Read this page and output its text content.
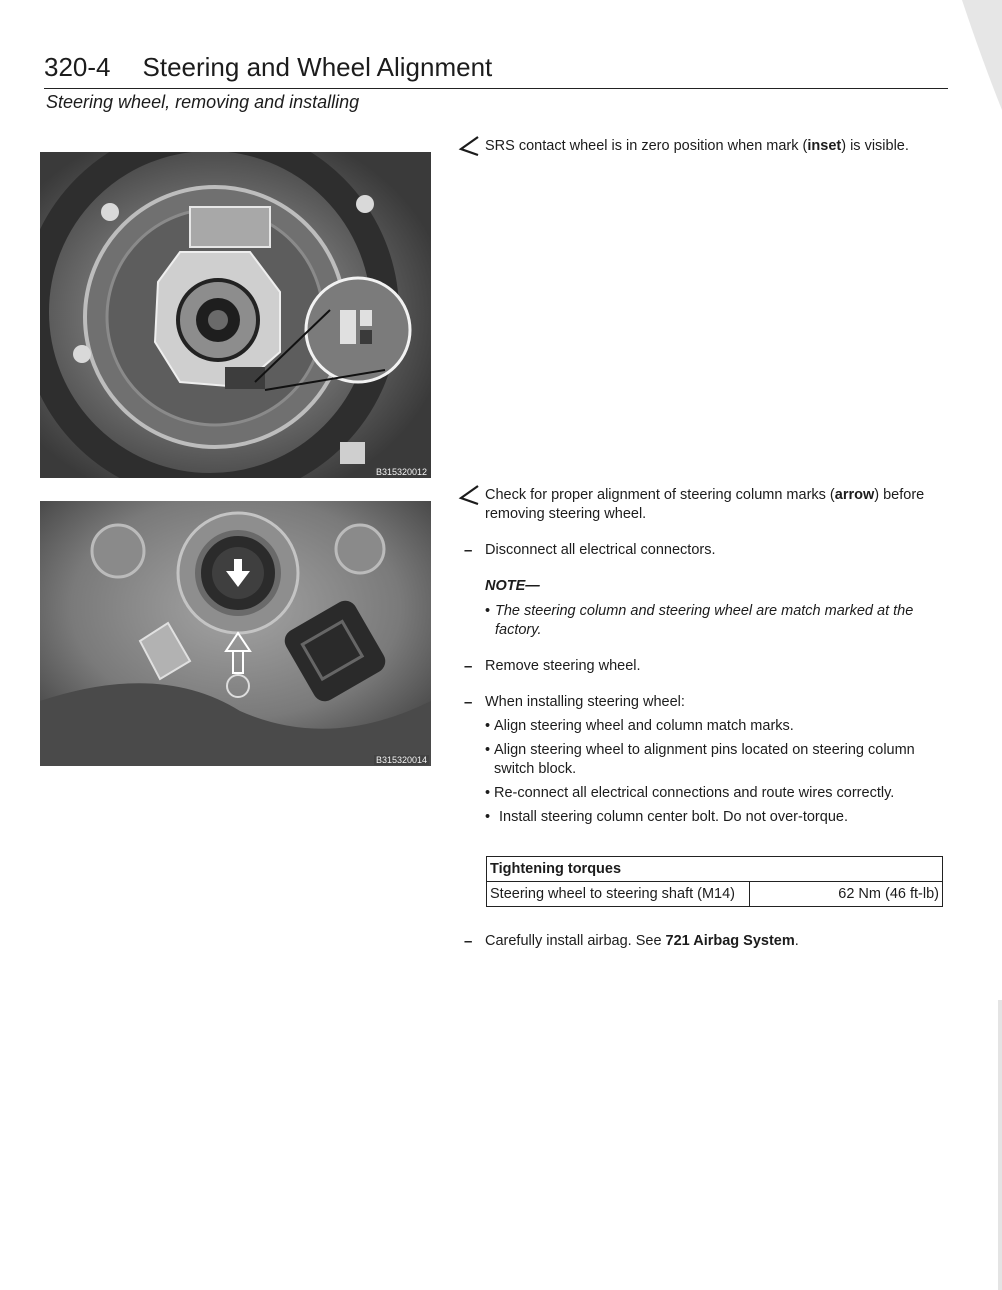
320-4 Steering and Wheel Alignment
Steering wheel, removing and installing
B315320012
B315320014
SRS contact wheel is in zero position when mark (inset) is visible.
Check for proper alignment of steering column marks (arrow) before removing steering wheel.
– Disconnect all electrical connectors.
NOTE—
• The steering column and steering wheel are match marked at the factory.
– Remove steering wheel.
– When installing steering wheel:
• Align steering wheel and column match marks.
• Align steering wheel to alignment pins located on steering column switch block.
• Re-connect all electrical connections and route wires correctly.
• Install steering column center bolt. Do not over-torque.
Tightening torques
Steering wheel to steering shaft (M14)	62 Nm (46 ft-lb)
– Carefully install airbag. See 721 Airbag System.
